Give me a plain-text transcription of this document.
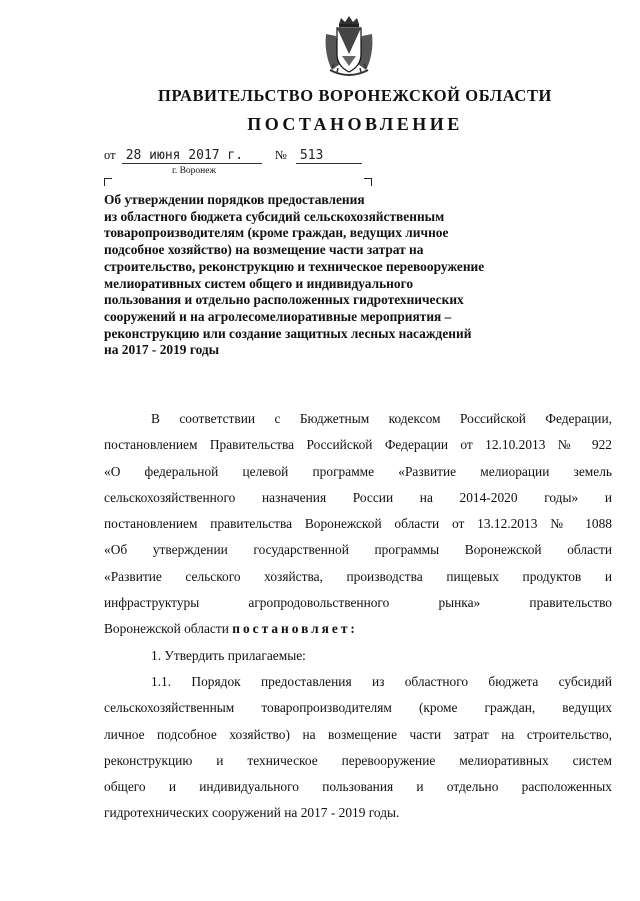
ПРАВИТЕЛЬСТВО ВОРОНЕЖСКОЙ ОБЛАСТИ
ПОСТАНОВЛЕНИЕ
от 28 июня 2017 г.	№ 513
г. Воронеж
Об утверждении порядков предоставления
из областного бюджета субсидий сельскохозяйственным
товаропроизводителям (кроме граждан, ведущих личное
подсобное хозяйство) на возмещение части затрат на
строительство, реконструкцию и техническое перевооружение
мелиоративных систем общего и индивидуального
пользования и отдельно расположенных гидротехнических
сооружений и на агролесомелиоративные мероприятия –
реконструкцию или создание защитных лесных насаждений
на 2017 - 2019 годы
В соответствии с Бюджетным кодексом Российской Федерации,
постановлением Правительства Российской Федерации от 12.10.2013 № 922
«О федеральной целевой программе «Развитие мелиорации земель
сельскохозяйственного назначения России на 2014-2020 годы» и
постановлением правительства Воронежской области от 13.12.2013 № 1088
«Об утверждении государственной программы Воронежской области
«Развитие сельского хозяйства, производства пищевых продуктов и
инфраструктуры агропродовольственного рынка» правительство
Воронежской области постановляет:
1. Утвердить прилагаемые:
1.1. Порядок предоставления из областного бюджета субсидий
сельскохозяйственным товаропроизводителям (кроме граждан, ведущих
личное подсобное хозяйство) на возмещение части затрат на строительство,
реконструкцию и техническое перевооружение мелиоративных систем
общего и индивидуального пользования и отдельно расположенных
гидротехнических сооружений на 2017 - 2019 годы.
